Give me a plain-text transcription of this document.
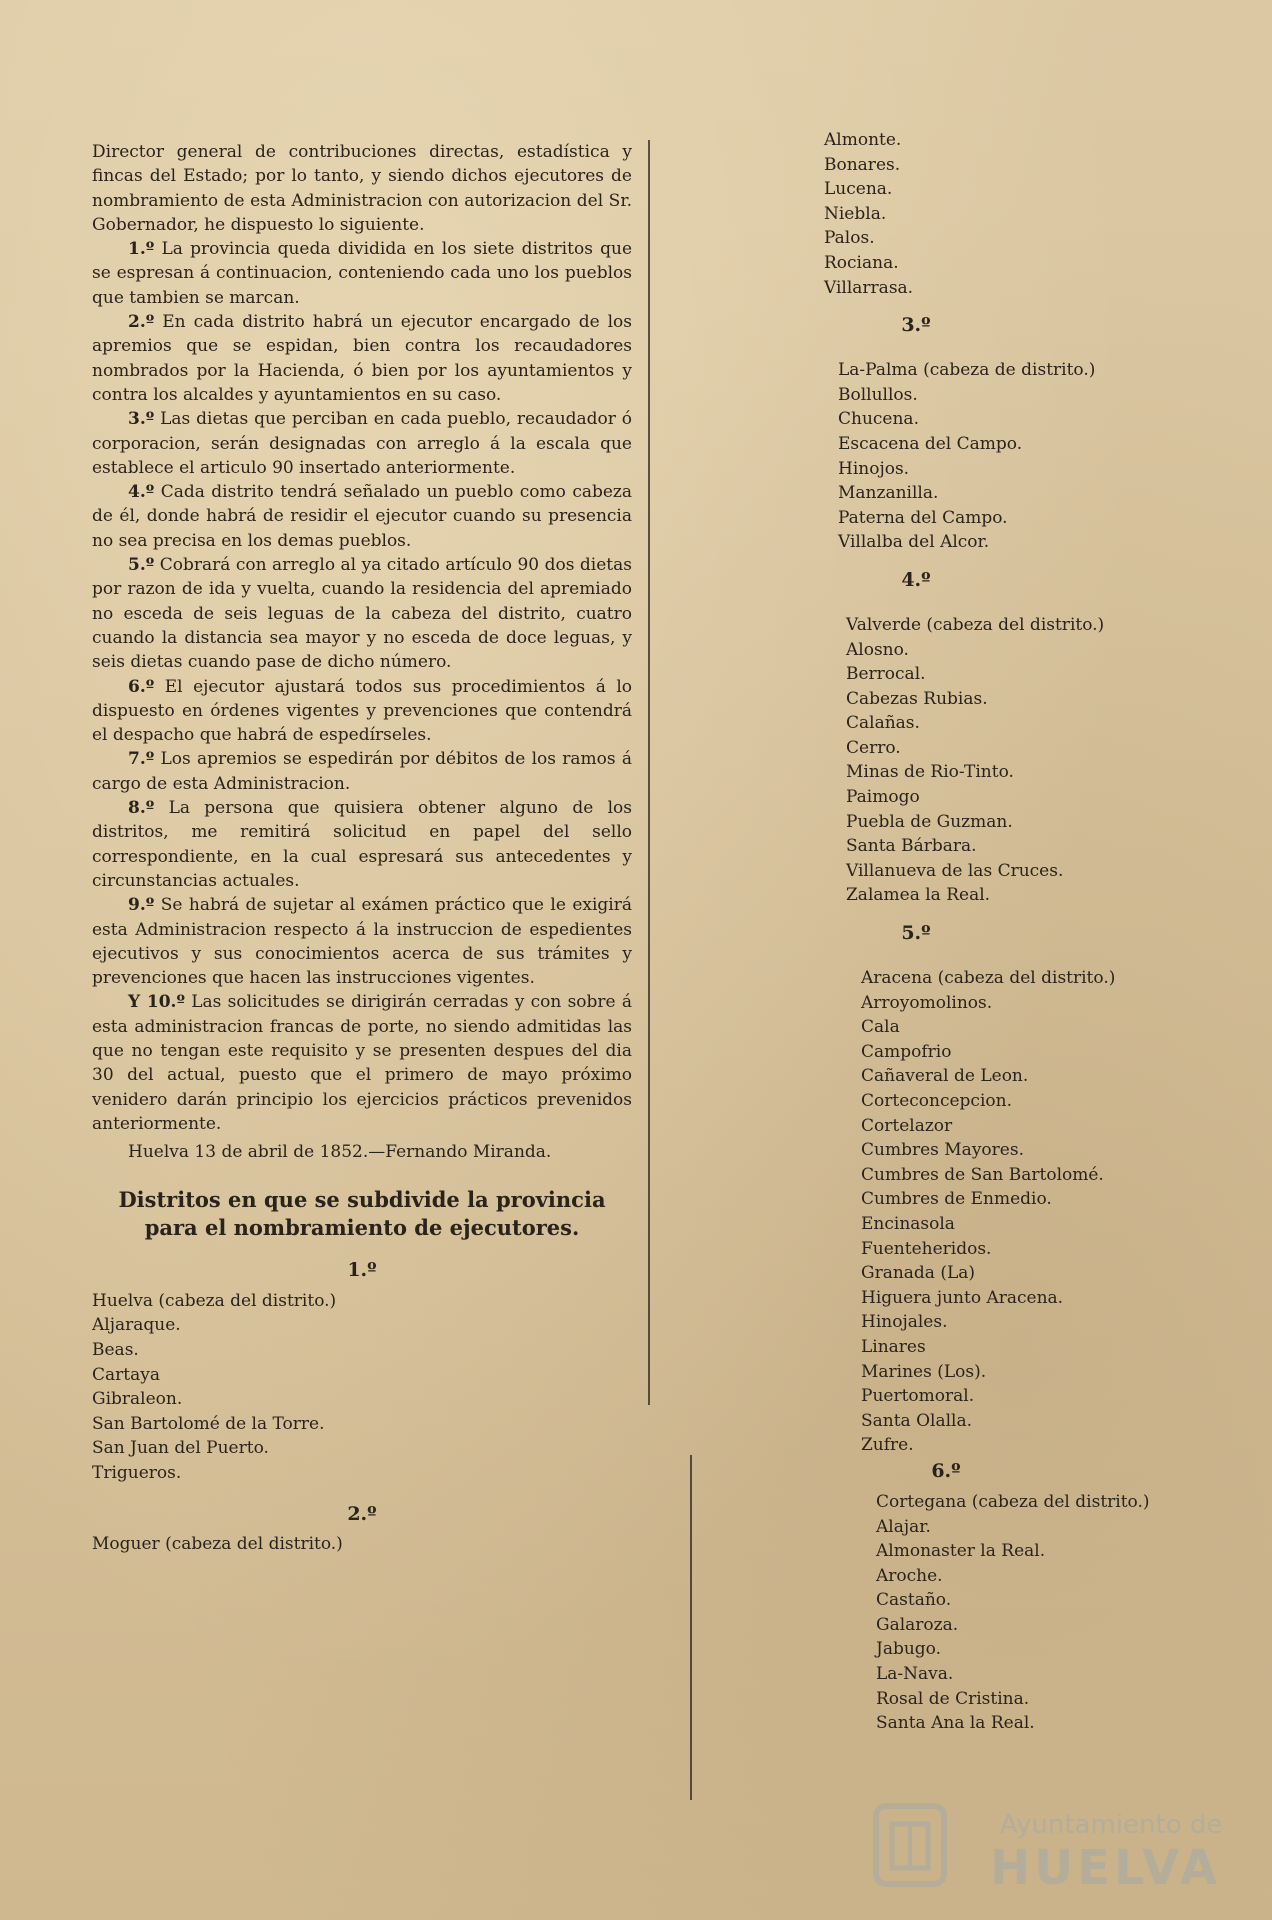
Director general de contribuciones directas, estadística y fincas del Estado; por lo tanto, y siendo dichos ejecutores de nombramiento de esta Administracion con autorizacion del Sr. Gobernador, he dispuesto lo siguiente.

1.º La provincia queda dividida en los siete distritos que se espresan á continuacion, conteniendo cada uno los pueblos que tambien se marcan.

2.º En cada distrito habrá un ejecutor encargado de los apremios que se espidan, bien contra los recaudadores nombrados por la Hacienda, ó bien por los ayuntamientos y contra los alcaldes y ayuntamientos en su caso.

3.º Las dietas que perciban en cada pueblo, recaudador ó corporacion, serán designadas con arreglo á la escala que establece el articulo 90 insertado anteriormente.

4.º Cada distrito tendrá señalado un pueblo como cabeza de él, donde habrá de residir el ejecutor cuando su presencia no sea precisa en los demas pueblos.

5.º Cobrará con arreglo al ya citado artículo 90 dos dietas por razon de ida y vuelta, cuando la residencia del apremiado no esceda de seis leguas de la cabeza del distrito, cuatro cuando la distancia sea mayor y no esceda de doce leguas, y seis dietas cuando pase de dicho número.

6.º El ejecutor ajustará todos sus procedimientos á lo dispuesto en órdenes vigentes y prevenciones que contendrá el despacho que habrá de espedírseles.

7.º Los apremios se espedirán por débitos de los ramos á cargo de esta Administracion.

8.º La persona que quisiera obtener alguno de los distritos, me remitirá solicitud en papel del sello correspondiente, en la cual espresará sus antecedentes y circunstancias actuales.

9.º Se habrá de sujetar al exámen práctico que le exigirá esta Administracion respecto á la instruccion de espedientes ejecutivos y sus conocimientos acerca de sus trámites y prevenciones que hacen las instrucciones vigentes.

Y 10.º Las solicitudes se dirigirán cerradas y con sobre á esta administracion francas de porte, no siendo admitidas las que no tengan este requisito y se presenten despues del dia 30 del actual, puesto que el primero de mayo próximo venidero darán principio los ejercicios prácticos prevenidos anteriormente.

Huelva 13 de abril de 1852.—Fernando Miranda.

Distritos en que se subdivide la provincia para el nombramiento de ejecutores.
1.º
Huelva (cabeza del distrito.)
Aljaraque.
Beas.
Cartaya
Gibraleon.
San Bartolomé de la Torre.
San Juan del Puerto.
Trigueros.
2.º
Moguer (cabeza del distrito.)
Almonte.
Bonares.
Lucena.
Niebla.
Palos.
Rociana.
Villarrasa.
3.º
La-Palma (cabeza de distrito.)
Bollullos.
Chucena.
Escacena del Campo.
Hinojos.
Manzanilla.
Paterna del Campo.
Villalba del Alcor.
4.º
Valverde (cabeza del distrito.)
Alosno.
Berrocal.
Cabezas Rubias.
Calañas.
Cerro.
Minas de Rio-Tinto.
Paimogo
Puebla de Guzman.
Santa Bárbara.
Villanueva de las Cruces.
Zalamea la Real.
5.º
Aracena (cabeza del distrito.)
Arroyomolinos.
Cala
Campofrio
Cañaveral de Leon.
Corteconcepcion.
Cortelazor
Cumbres Mayores.
Cumbres de San Bartolomé.
Cumbres de Enmedio.
Encinasola
Fuenteheridos.
Granada (La)
Higuera junto Aracena.
Hinojales.
Linares
Marines (Los).
Puertomoral.
Santa Olalla.
Zufre.
6.º
Cortegana (cabeza del distrito.)
Alajar.
Almonaster la Real.
Aroche.
Castaño.
Galaroza.
Jabugo.
La-Nava.
Rosal de Cristina.
Santa Ana la Real.
Ayuntamiento de
HUELVA
